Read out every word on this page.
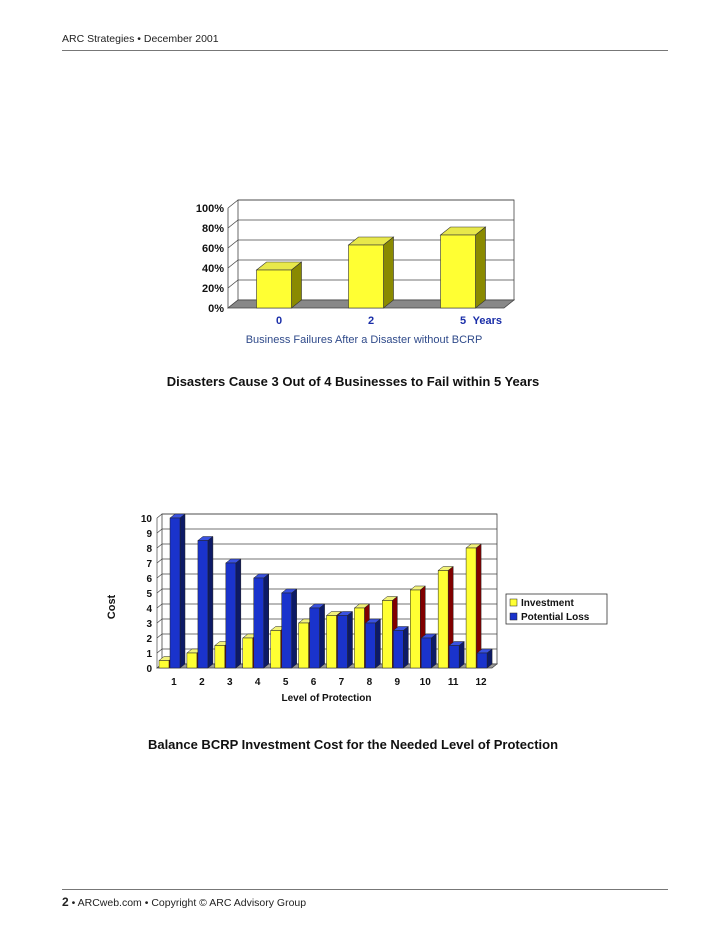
ARC Strategies • December 2001
0%
20%
40%
60%
80%
100%
0	2	5 Years
Business Failures After a Disaster without BCRP
Disasters Cause 3 Out of 4 Businesses to Fail within 5 Years
0
1
2
3
4
5
6
7
8
9
10
1 2 3 4 5 6 7 8 9 10 11 12
Level of Protection
Cost	Investment
Potential Loss
Balance BCRP Investment Cost for the Needed Level of Protection
2 • ARCweb.com • Copyright © ARC Advisory Group
